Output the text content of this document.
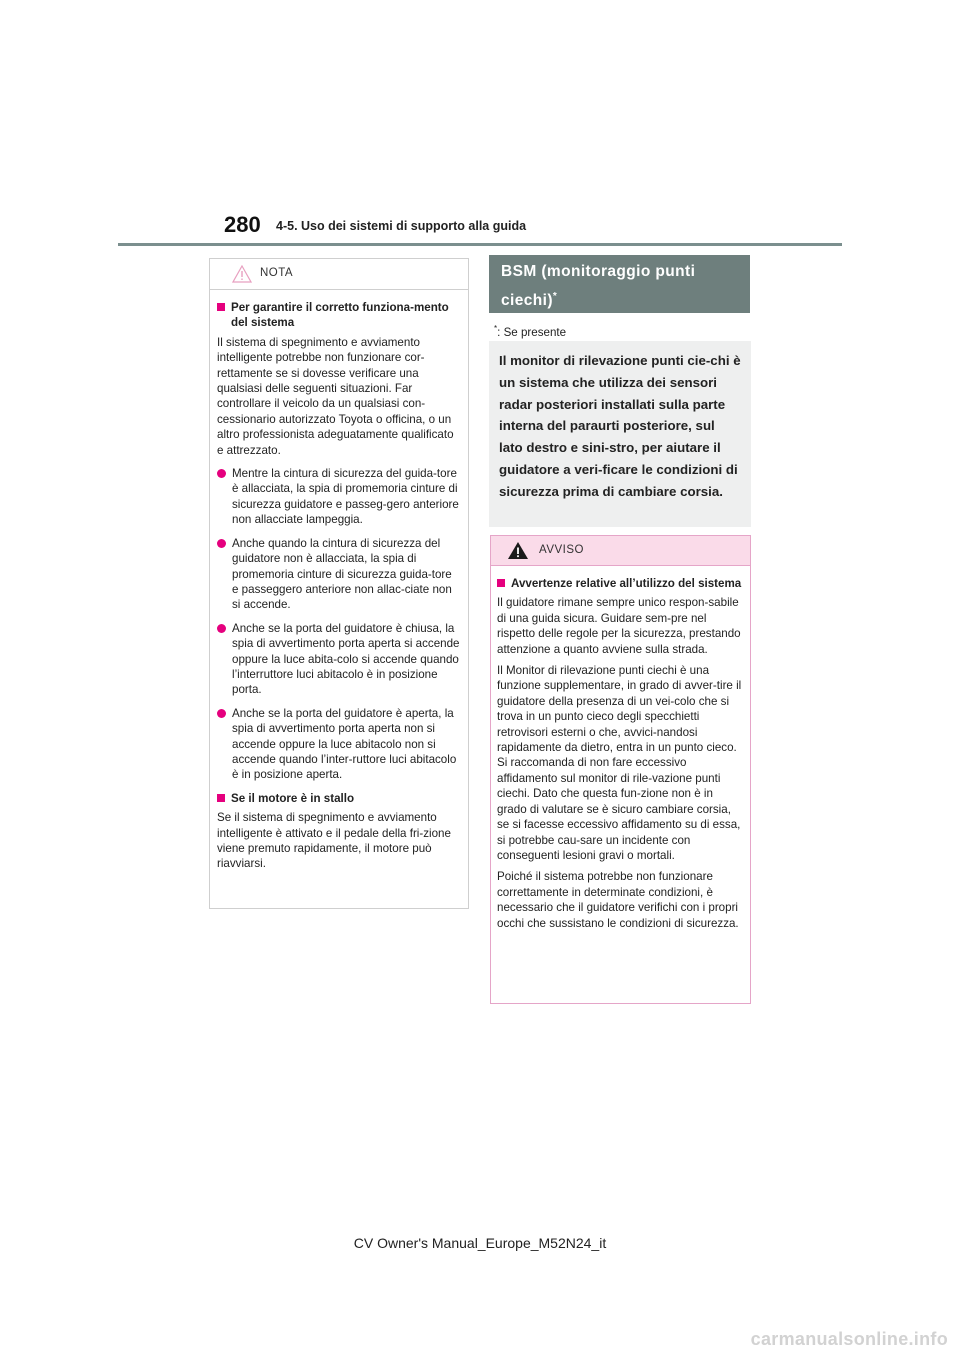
280 4-5. Uso dei sistemi di supporto alla guida
NOTA
Per garantire il corretto funziona-mento del sistema
Il sistema di spegnimento e avviamento intelligente potrebbe non funzionare cor-rettamente se si dovesse verificare una qualsiasi delle seguenti situazioni. Far controllare il veicolo da un qualsiasi con-cessionario autorizzato Toyota o officina, o un altro professionista adeguatamente qualificato e attrezzato.
Mentre la cintura di sicurezza del guida-tore è allacciata, la spia di promemoria cinture di sicurezza guidatore e passeg-gero anteriore non allacciate lampeggia.
Anche quando la cintura di sicurezza del guidatore non è allacciata, la spia di promemoria cinture di sicurezza guida-tore e passeggero anteriore non allac-ciate non si accende.
Anche se la porta del guidatore è chiusa, la spia di avvertimento porta aperta si accende oppure la luce abita-colo si accende quando l’interruttore luci abitacolo è in posizione porta.
Anche se la porta del guidatore è aperta, la spia di avvertimento porta aperta non si accende oppure la luce abitacolo non si accende quando l’inter-ruttore luci abitacolo è in posizione aperta.
Se il motore è in stallo
Se il sistema di spegnimento e avviamento intelligente è attivato e il pedale della fri-zione viene premuto rapidamente, il motore può riavviarsi.
BSM (monitoraggio punti ciechi)*
*: Se presente
Il monitor di rilevazione punti cie-chi è un sistema che utilizza dei sensori radar posteriori installati sulla parte interna del paraurti posteriore, sul lato destro e sini-stro, per aiutare il guidatore a veri-ficare le condizioni di sicurezza prima di cambiare corsia.
AVVISO
Avvertenze relative all’utilizzo del sistema
Il guidatore rimane sempre unico respon-sabile di una guida sicura. Guidare sem-pre nel rispetto delle regole per la sicurezza, prestando attenzione a quanto avviene sulla strada.
Il Monitor di rilevazione punti ciechi è una funzione supplementare, in grado di avver-tire il guidatore della presenza di un vei-colo che si trova in un punto cieco degli specchietti retrovisori esterni o che, avvici-nandosi rapidamente da dietro, entra in un punto cieco. Si raccomanda di non fare eccessivo affidamento sul monitor di rile-vazione punti ciechi. Dato che questa fun-zione non è in grado di valutare se è sicuro cambiare corsia, se si facesse eccessivo affidamento su di essa, si potrebbe cau-sare un incidente con conseguenti lesioni gravi o mortali.
Poiché il sistema potrebbe non funzionare correttamente in determinate condizioni, è necessario che il guidatore verifichi con i propri occhi che sussistano le condizioni di sicurezza.
CV Owner's Manual_Europe_M52N24_it
carmanualsonline.info
